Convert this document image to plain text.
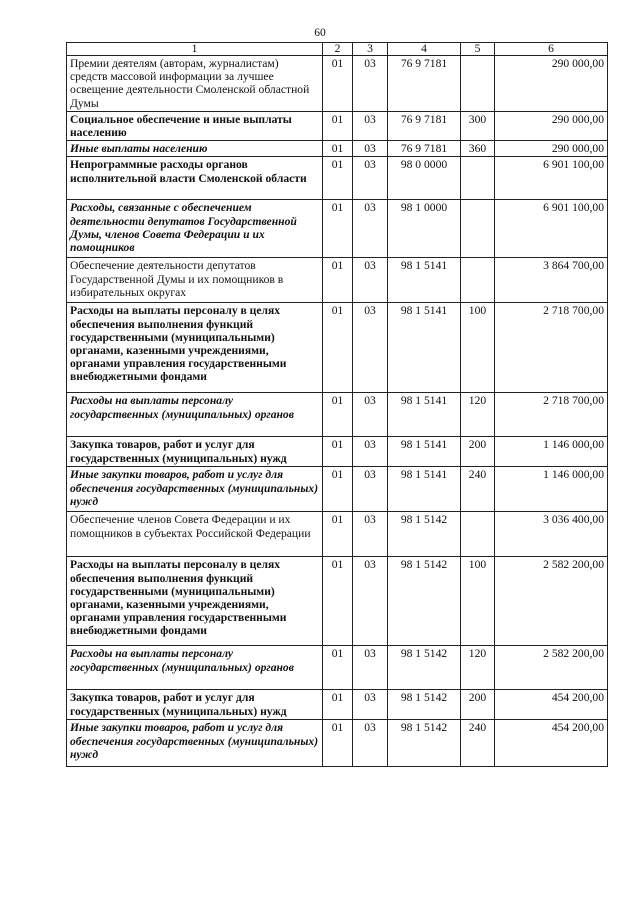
60
1	2	3	4	5	6
Премии деятелям (авторам, журналистам) средств массовой информации за лучшее освещение деятельности Смоленской областной Думы	01	03	76 9 7181		290 000,00
Социальное обеспечение и иные выплаты населению	01	03	76 9 7181	300	290 000,00
Иные выплаты населению	01	03	76 9 7181	360	290 000,00
Непрограммные расходы органов исполнительной власти Смоленской области	01	03	98 0 0000		6 901 100,00
Расходы, связанные с обеспечением деятельности депутатов Государственной Думы, членов Совета Федерации и их помощников	01	03	98 1 0000		6 901 100,00
Обеспечение деятельности депутатов Государственной Думы и их помощников в избирательных округах	01	03	98 1 5141		3 864 700,00
Расходы на выплаты персоналу в целях обеспечения выполнения функций государственными (муниципальными) органами, казенными учреждениями, органами управления государственными внебюджетными фондами	01	03	98 1 5141	100	2 718 700,00
Расходы на выплаты персоналу государственных (муниципальных) органов	01	03	98 1 5141	120	2 718 700,00
Закупка товаров, работ и услуг для государственных (муниципальных) нужд	01	03	98 1 5141	200	1 146 000,00
Иные закупки товаров, работ и услуг для обеспечения государственных (муниципальных) нужд	01	03	98 1 5141	240	1 146 000,00
Обеспечение членов Совета Федерации и их помощников в субъектах Российской Федерации	01	03	98 1 5142		3 036 400,00
Расходы на выплаты персоналу в целях обеспечения выполнения функций государственными (муниципальными) органами, казенными учреждениями, органами управления государственными внебюджетными фондами	01	03	98 1 5142	100	2 582 200,00
Расходы на выплаты персоналу государственных (муниципальных) органов	01	03	98 1 5142	120	2 582 200,00
Закупка товаров, работ и услуг для государственных (муниципальных) нужд	01	03	98 1 5142	200	454 200,00
Иные закупки товаров, работ и услуг для обеспечения государственных (муниципальных) нужд	01	03	98 1 5142	240	454 200,00
